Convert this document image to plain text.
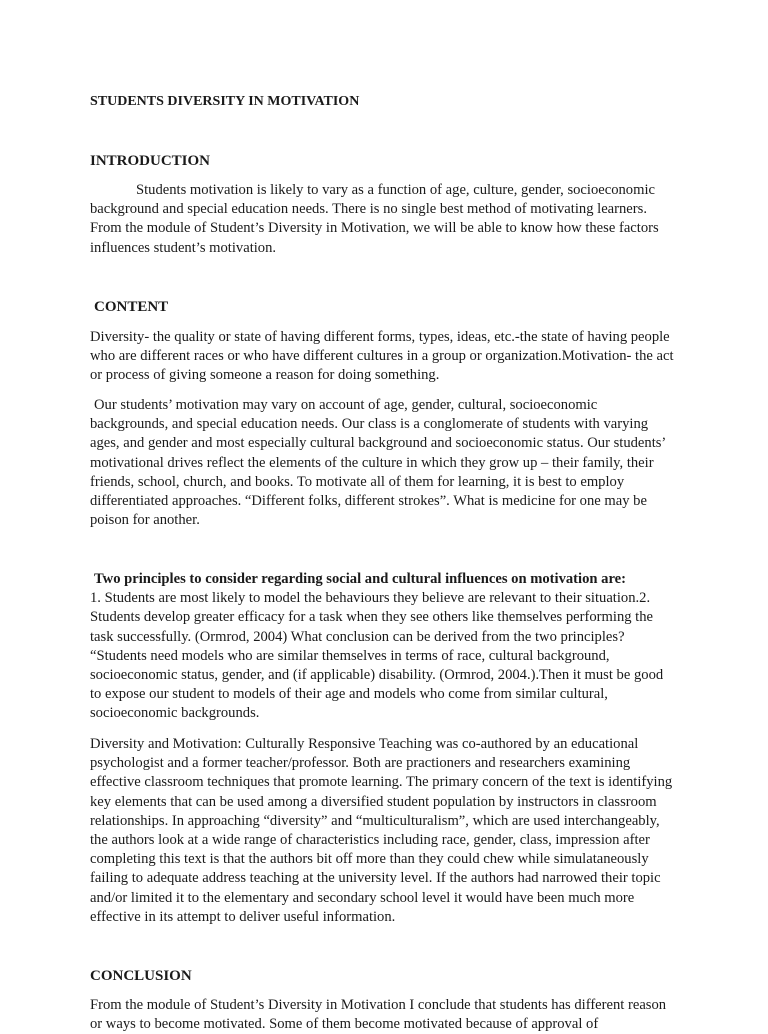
STUDENTS DIVERSITY IN MOTIVATION
INTRODUCTION

Students motivation is likely to vary as a function of age, culture, gender, socioeconomic background and special education needs. There is no single best method of motivating learners. From the module of Student’s Diversity in Motivation, we will be able to know how these factors influences student’s motivation.

CONTENT

Diversity- the quality or state of having different forms, types, ideas, etc.-the state of having people who are different races or who have different cultures in a group or organization.Motivation- the act or process of giving someone a reason for doing something.

Our students’ motivation may vary on account of age, gender, cultural, socioeconomic backgrounds, and special education needs. Our class is a conglomerate of students with varying ages, and gender and most especially cultural background and socioeconomic status. Our students’ motivational drives reflect the elements of the culture in which they grow up – their family, their friends, school, church, and books. To motivate all of them for learning, it is best to employ differentiated approaches. “Different folks, different strokes”. What is medicine for one may be poison for another.

Two principles to consider regarding social and cultural influences on motivation are:
1. Students are most likely to model the behaviours they believe are relevant to their situation.2. Students develop greater efficacy for a task when they see others like themselves performing the task successfully. (Ormrod, 2004) What conclusion can be derived from the two principles? “Students need models who are similar themselves in terms of race, cultural background, socioeconomic status, gender, and (if applicable) disability. (Ormrod, 2004.).Then it must be good to expose our student to models of their age and models who come from similar cultural, socioeconomic backgrounds.

Diversity and Motivation: Culturally Responsive Teaching was co-authored by an educational psychologist and a former teacher/professor. Both are practioners and researchers examining effective classroom techniques that promote learning. The primary concern of the text is identifying key elements that can be used among a diversified student population by instructors in classroom relationships. In approaching “diversity” and “multiculturalism”, which are used interchangeably, the authors look at a wide range of characteristics including race, gender, class, impression after completing this text is that the authors bit off more than they could chew while simulataneously failing to adequate address teaching at the university level. If the authors had narrowed their topic and/or limited it to the elementary and secondary school level it would have been much more effective in its attempt to deliver useful information.

CONCLUSION

From the module of Student’s Diversity in Motivation I conclude that students has different reason or ways to become motivated. Some of them become motivated because of approval of
